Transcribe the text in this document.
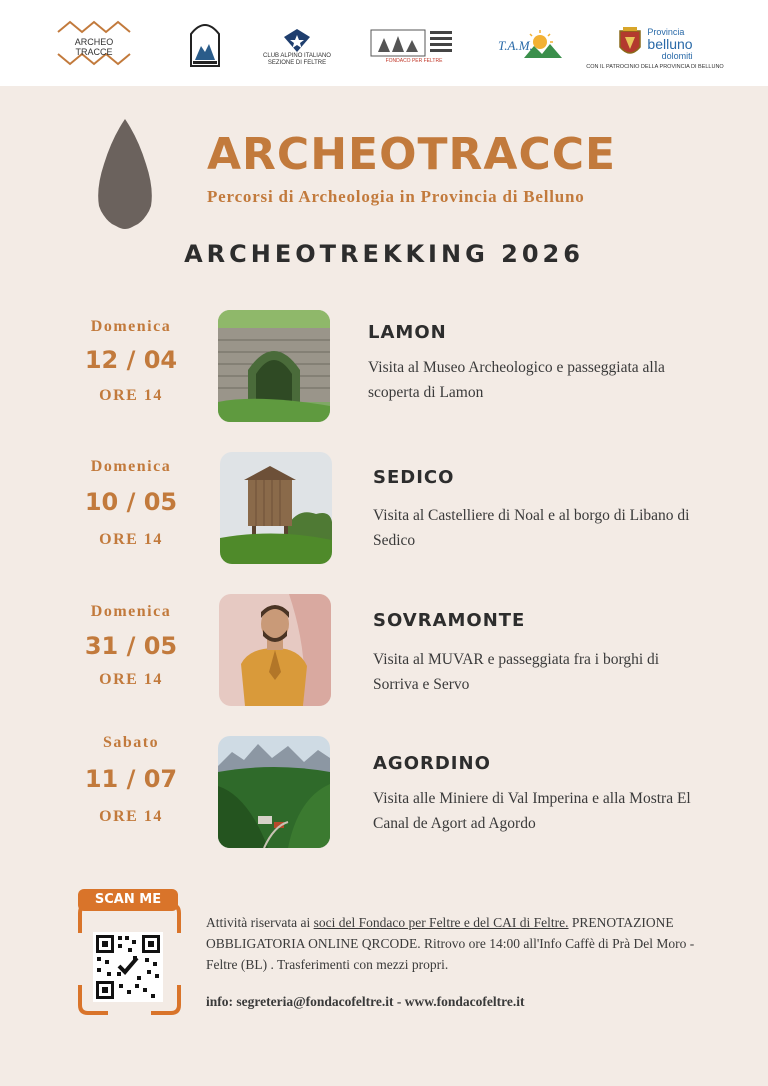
ARCHEO TRACCE	CLUB ALPINO ITALIANO
SEZIONE DI FELTRE	FONDACO PER FELTRE
T.A.M.
Provincia
belluno
dolomiti
CON IL PATROCINIO DELLA PROVINCIA DI BELLUNO
ARCHEOTRACCE
Percorsi di Archeologia in Provincia di Belluno
ARCHEOTREKKING 2026
Domenica
12 / 04
ORE 14
LAMON
Visita al Museo Archeologico e passeggiata alla scoperta di Lamon
Domenica
10 / 05
ORE 14
SEDICO
Visita al Castelliere di Noal e al borgo di Libano di Sedico
Domenica
31 / 05
ORE 14
SOVRAMONTE
Visita al MUVAR e passeggiata fra i borghi di Sorriva e Servo
Sabato
11 / 07
ORE 14
AGORDINO
Visita alle Miniere di Val Imperina e alla Mostra El Canal de Agort ad Agordo
SCAN ME
Attività riservata ai soci del Fondaco per Feltre e del CAI di Feltre. PRENOTAZIONE OBBLIGATORIA ONLINE QRCODE. Ritrovo ore 14:00 all'Info Caffè di Prà Del Moro - Feltre (BL) . Trasferimenti con mezzi propri.
info: segreteria@fondacofeltre.it - www.fondacofeltre.it
